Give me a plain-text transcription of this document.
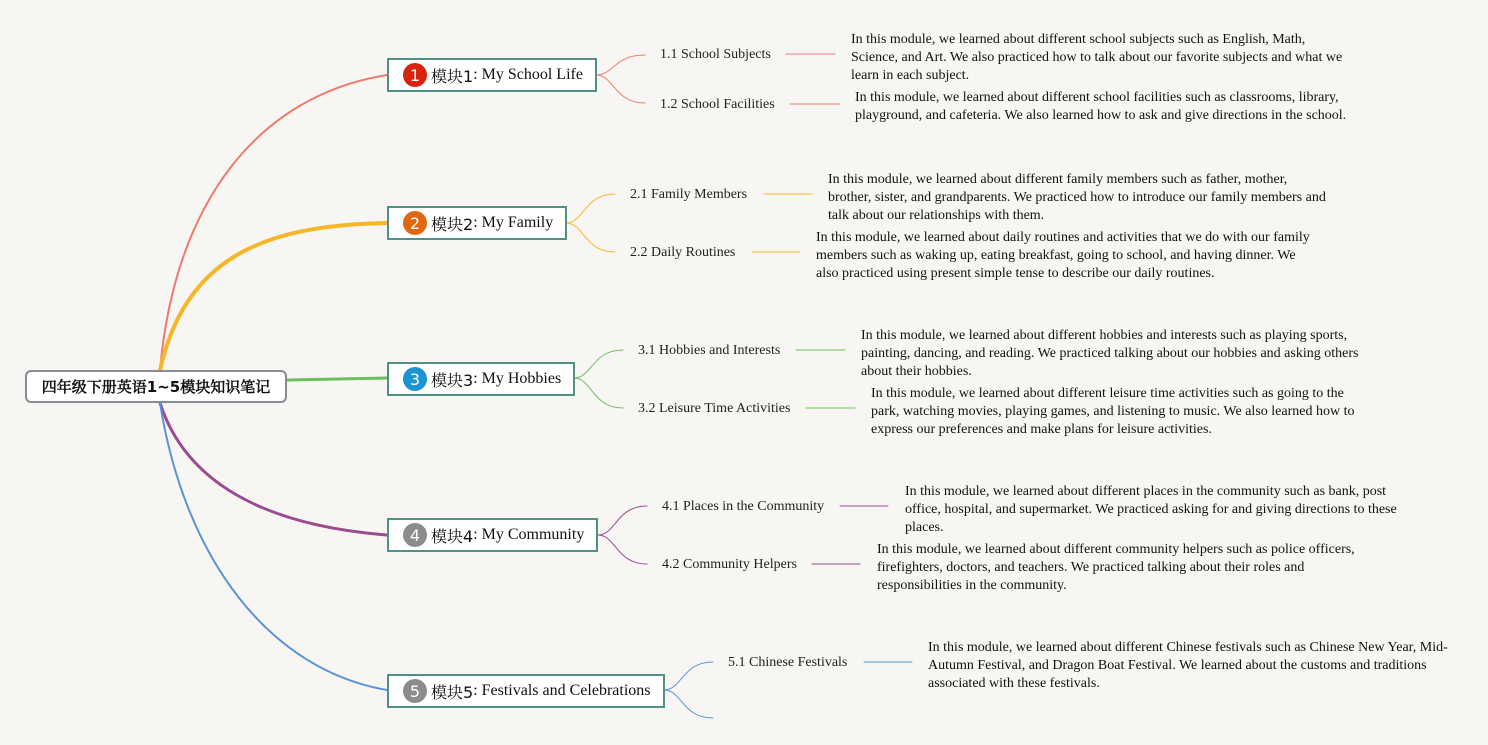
四年级下册英语1~5模块知识笔记
1 模块1 : My School Life
1.1 School Subjects
In this module, we learned about different school subjects such as English, Math, Science, and Art. We also practiced how to talk about our favorite subjects and what we learn in each subject.
1.2 School Facilities	In this module, we learned about different school facilities such as classrooms, library, playground, and cafeteria. We also learned how to ask and give directions in the school.
2 模块2 : My Family
2.1 Family Members
In this module, we learned about different family members such as father, mother, brother, sister, and grandparents. We practiced how to introduce our family members and talk about our relationships with them.
2.2 Daily Routines
In this module, we learned about daily routines and activities that we do with our family members such as waking up, eating breakfast, going to school, and having dinner. We also practiced using present simple tense to describe our daily routines.
3 模块3 : My Hobbies
3.1 Hobbies and Interests
In this module, we learned about different hobbies and interests such as playing sports, painting, dancing, and reading. We practiced talking about our hobbies and asking others about their hobbies.
3.2 Leisure Time Activities
In this module, we learned about different leisure time activities such as going to the park, watching movies, playing games, and listening to music. We also learned how to express our preferences and make plans for leisure activities.
4 模块4 : My Community
4.1 Places in the Community
In this module, we learned about different places in the community such as bank, post office, hospital, and supermarket. We practiced asking for and giving directions to these places.
4.2 Community Helpers
In this module, we learned about different community helpers such as police officers, firefighters, doctors, and teachers. We practiced talking about their roles and responsibilities in the community.
5 模块5 : Festivals and Celebrations
5.1 Chinese Festivals
In this module, we learned about different Chinese festivals such as Chinese New Year, Mid-Autumn Festival, and Dragon Boat Festival. We learned about the customs and traditions associated with these festivals.
